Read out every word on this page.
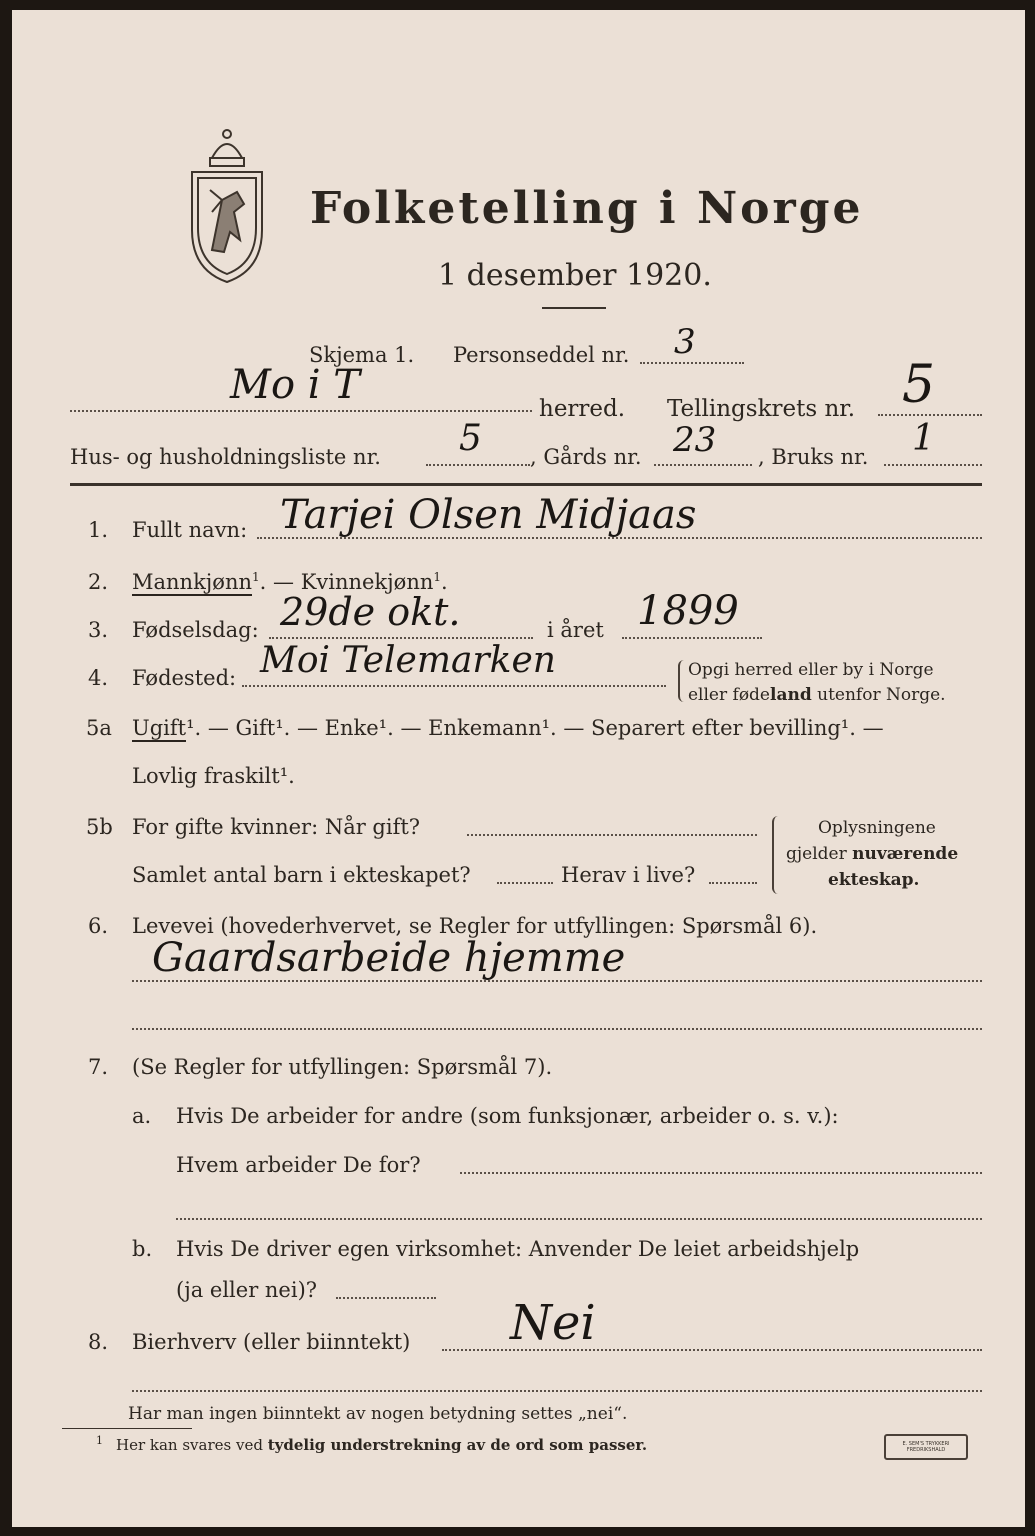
Folketelling i Norge
1 desember 1920.
Skjema 1. Personseddel nr. 3
Mo i T
herred. Tellingskrets nr. 5
Hus- og husholdningsliste nr. 5 , Gårds nr. 23 , Bruks nr. 1
1. Fullt navn: Tarjei Olsen Midjaas
2. Mannkjønn$^1$. — Kvinnekjønn$^1$.
3. Fødselsdag: 29de okt.	i året 1899
4. Fødested: Moi Telemarken	Opgi herred eller by i Norge
eller fødeland utenfor Norge.
5a Ugift¹. — Gift¹. — Enke¹. — Enkemann¹. — Separert efter bevilling¹. —
Lovlig fraskilt¹.
5b For gifte kvinner: Når gift?
Samlet antal barn i ekteskapet?	Herav i live?
Oplysningene
gjelder nuværende
ekteskap.
6. Levevei (hovederhvervet, se Regler for utfyllingen: Spørsmål 6).
Gaardsarbeide hjemme
7. (Se Regler for utfyllingen: Spørsmål 7).
a. Hvis De arbeider for andre (som funksjonær, arbeider o. s. v.):
Hvem arbeider De for?
b. Hvis De driver egen virksomhet: Anvender De leiet arbeidshjelp
(ja eller nei)?
8. Bierhverv (eller biinntekt) Nei
Har man ingen biinntekt av nogen betydning settes „nei“.
1 Her kan svares ved tydelig understrekning av de ord som passer.	E. SEM'S TRYKKERI FREDRIKSHALD
